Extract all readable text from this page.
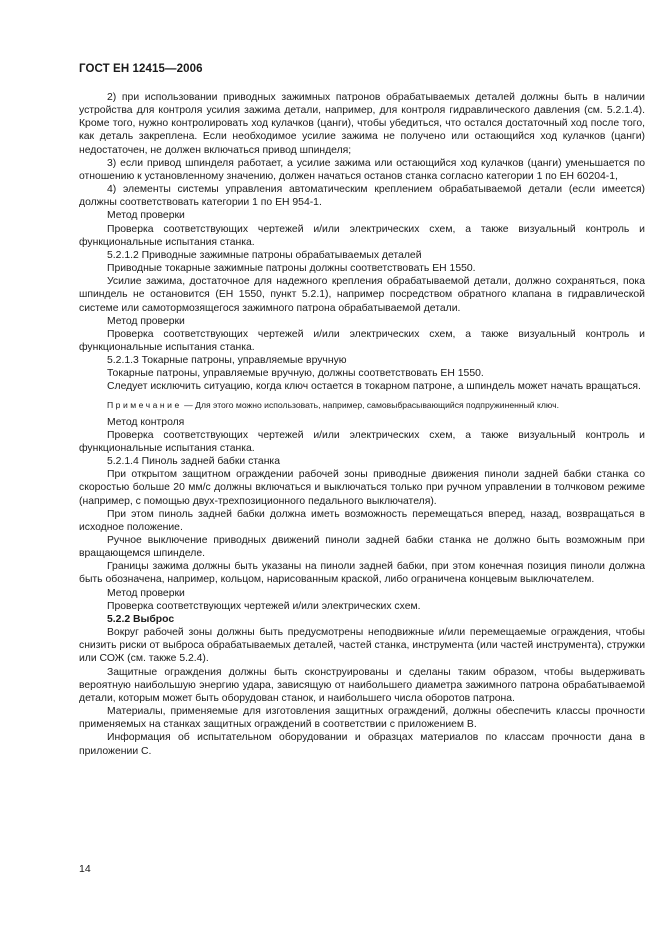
ГОСТ ЕН 12415—2006

2) при использовании приводных зажимных патронов обрабатываемых деталей должны быть в наличии устройства для контроля усилия зажима детали, например, для контроля гидравлического давления (см. 5.2.1.4). Кроме того, нужно контролировать ход кулачков (цанги), чтобы убедиться, что остался достаточный ход после того, как деталь закреплена. Если необходимое усилие зажима не получено или остающийся ход кулачков (цанги) недостаточен, не должен включаться привод шпинделя;

3) если привод шпинделя работает, а усилие зажима или остающийся ход кулачков (цанги) уменьшается по отношению к установленному значению, должен начаться останов станка согласно категории 1 по ЕН 60204-1,

4) элементы системы управления автоматическим креплением обрабатываемой детали (если имеется) должны соответствовать категории 1 по ЕН 954-1.

Метод проверки

Проверка соответствующих чертежей и/или электрических схем, а также визуальный контроль и функциональные испытания станка.

5.2.1.2 Приводные зажимные патроны обрабатываемых деталей

Приводные токарные зажимные патроны должны соответствовать ЕН 1550.

Усилие зажима, достаточное для надежного крепления обрабатываемой детали, должно сохраняться, пока шпиндель не остановится (ЕН 1550, пункт 5.2.1), например посредством обратного клапана в гидравлической системе или самотормозящегося зажимного патрона обрабатываемой детали.

Метод проверки

Проверка соответствующих чертежей и/или электрических схем, а также визуальный контроль и функциональные испытания станка.

5.2.1.3 Токарные патроны, управляемые вручную

Токарные патроны, управляемые вручную, должны соответствовать ЕН 1550.

Следует исключить ситуацию, когда ключ остается в токарном патроне, а шпиндель может начать вращаться.

Примечание — Для этого можно использовать, например, самовыбрасывающийся подпружиненный ключ.

Метод контроля

Проверка соответствующих чертежей и/или электрических схем, а также визуальный контроль и функциональные испытания станка.

5.2.1.4 Пиноль задней бабки станка

При открытом защитном ограждении рабочей зоны приводные движения пиноли задней бабки станка со скоростью больше 20 мм/с должны включаться и выключаться только при ручном управлении в толчковом режиме (например, с помощью двух-трехпозиционного педального выключателя).

При этом пиноль задней бабки должна иметь возможность перемещаться вперед, назад, возвращаться в исходное положение.

Ручное выключение приводных движений пиноли задней бабки станка не должно быть возможным при вращающемся шпинделе.

Границы зажима должны быть указаны на пиноли задней бабки, при этом конечная позиция пиноли должна быть обозначена, например, кольцом, нарисованным краской, либо ограничена концевым выключателем.

Метод проверки

Проверка соответствующих чертежей и/или электрических схем.

5.2.2 Выброс

Вокруг рабочей зоны должны быть предусмотрены неподвижные и/или перемещаемые ограждения, чтобы снизить риски от выброса обрабатываемых деталей, частей станка, инструмента (или частей инструмента), стружки или СОЖ (см. также 5.2.4).

Защитные ограждения должны быть сконструированы и сделаны таким образом, чтобы выдерживать вероятную наибольшую энергию удара, зависящую от наибольшего диаметра зажимного патрона обрабатываемой детали, которым может быть оборудован станок, и наибольшего числа оборотов патрона.

Материалы, применяемые для изготовления защитных ограждений, должны обеспечить классы прочности применяемых на станках защитных ограждений в соответствии с приложением В.

Информация об испытательном оборудовании и образцах материалов по классам прочности дана в приложении С.

14
